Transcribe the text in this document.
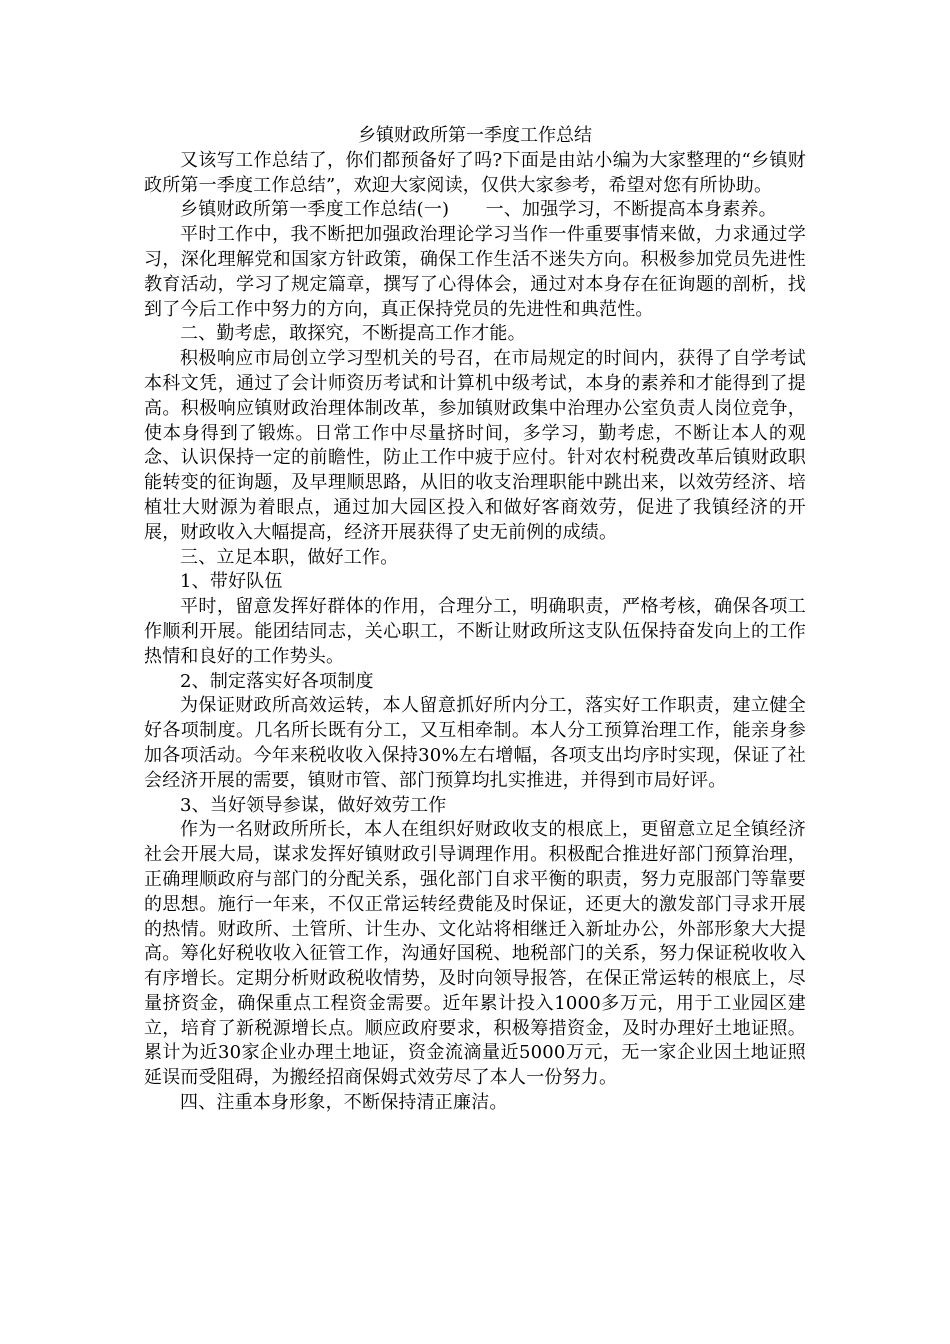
乡镇财政所第一季度工作总结

又该写工作总结了，你们都预备好了吗?下面是由站小编为大家整理的“乡镇财政所第一季度工作总结”，欢迎大家阅读，仅供大家参考，希望对您有所协助。

乡镇财政所第一季度工作总结(一)　　一、加强学习，不断提高本身素养。

平时工作中，我不断把加强政治理论学习当作一件重要事情来做，力求通过学习，深化理解党和国家方针政策，确保工作生活不迷失方向。积极参加党员先进性教育活动，学习了规定篇章，撰写了心得体会，通过对本身存在征询题的剖析，找到了今后工作中努力的方向，真正保持党员的先进性和典范性。

二、勤考虑，敢探究，不断提高工作才能。

积极响应市局创立学习型机关的号召，在市局规定的时间内，获得了自学考试本科文凭，通过了会计师资历考试和计算机中级考试，本身的素养和才能得到了提高。积极响应镇财政治理体制改革，参加镇财政集中治理办公室负责人岗位竞争，使本身得到了锻炼。日常工作中尽量挤时间，多学习，勤考虑，不断让本人的观念、认识保持一定的前瞻性，防止工作中疲于应付。针对农村税费改革后镇财政职能转变的征询题，及早理顺思路，从旧的收支治理职能中跳出来，以效劳经济、培植壮大财源为着眼点，通过加大园区投入和做好客商效劳，促进了我镇经济的开展，财政收入大幅提高，经济开展获得了史无前例的成绩。

三、立足本职，做好工作。

1、带好队伍

平时，留意发挥好群体的作用，合理分工，明确职责，严格考核，确保各项工作顺利开展。能团结同志，关心职工，不断让财政所这支队伍保持奋发向上的工作热情和良好的工作势头。

2、制定落实好各项制度

为保证财政所高效运转，本人留意抓好所内分工，落实好工作职责，建立健全好各项制度。几名所长既有分工，又互相牵制。本人分工预算治理工作，能亲身参加各项活动。今年来税收收入保持30%左右增幅，各项支出均序时实现，保证了社会经济开展的需要，镇财市管、部门预算均扎实推进，并得到市局好评。

3、当好领导参谋，做好效劳工作

作为一名财政所所长，本人在组织好财政收支的根底上，更留意立足全镇经济社会开展大局，谋求发挥好镇财政引导调理作用。积极配合推进好部门预算治理，正确理顺政府与部门的分配关系，强化部门自求平衡的职责，努力克服部门等靠要的思想。施行一年来，不仅正常运转经费能及时保证，还更大的激发部门寻求开展的热情。财政所、土管所、计生办、文化站将相继迁入新址办公，外部形象大大提高。筹化好税收收入征管工作，沟通好国税、地税部门的关系，努力保证税收收入有序增长。定期分析财政税收情势，及时向领导报答，在保正常运转的根底上，尽量挤资金，确保重点工程资金需要。近年累计投入1000多万元，用于工业园区建立，培育了新税源增长点。顺应政府要求，积极筹措资金，及时办理好土地证照。累计为近30家企业办理土地证，资金流滴量近5000万元，无一家企业因土地证照延误而受阻碍，为搬经招商保姆式效劳尽了本人一份努力。

四、注重本身形象，不断保持清正廉洁。
